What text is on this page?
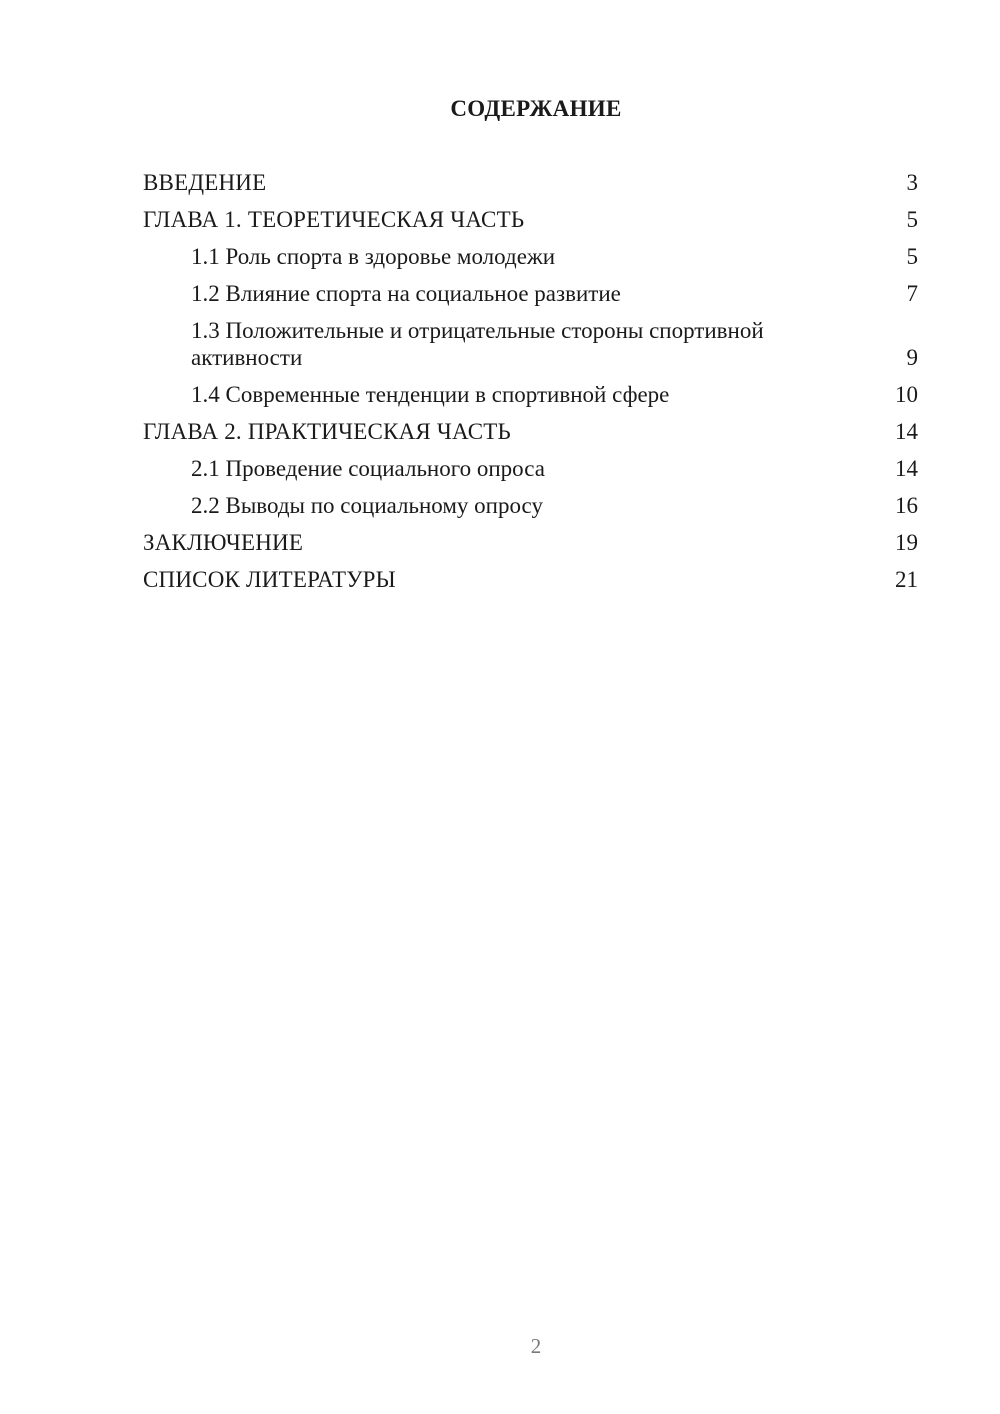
СОДЕРЖАНИЕ
ВВЕДЕНИЕ	3
ГЛАВА 1. ТЕОРЕТИЧЕСКАЯ ЧАСТЬ	5
1.1 Роль спорта в здоровье молодежи	5
1.2 Влияние спорта на социальное развитие	7
1.3 Положительные и отрицательные стороны спортивной активности	9
1.4 Современные тенденции в спортивной сфере	10
ГЛАВА 2. ПРАКТИЧЕСКАЯ ЧАСТЬ	14
2.1 Проведение социального опроса	14
2.2 Выводы по социальному опросу	16
ЗАКЛЮЧЕНИЕ	19
СПИСОК ЛИТЕРАТУРЫ	21
2
